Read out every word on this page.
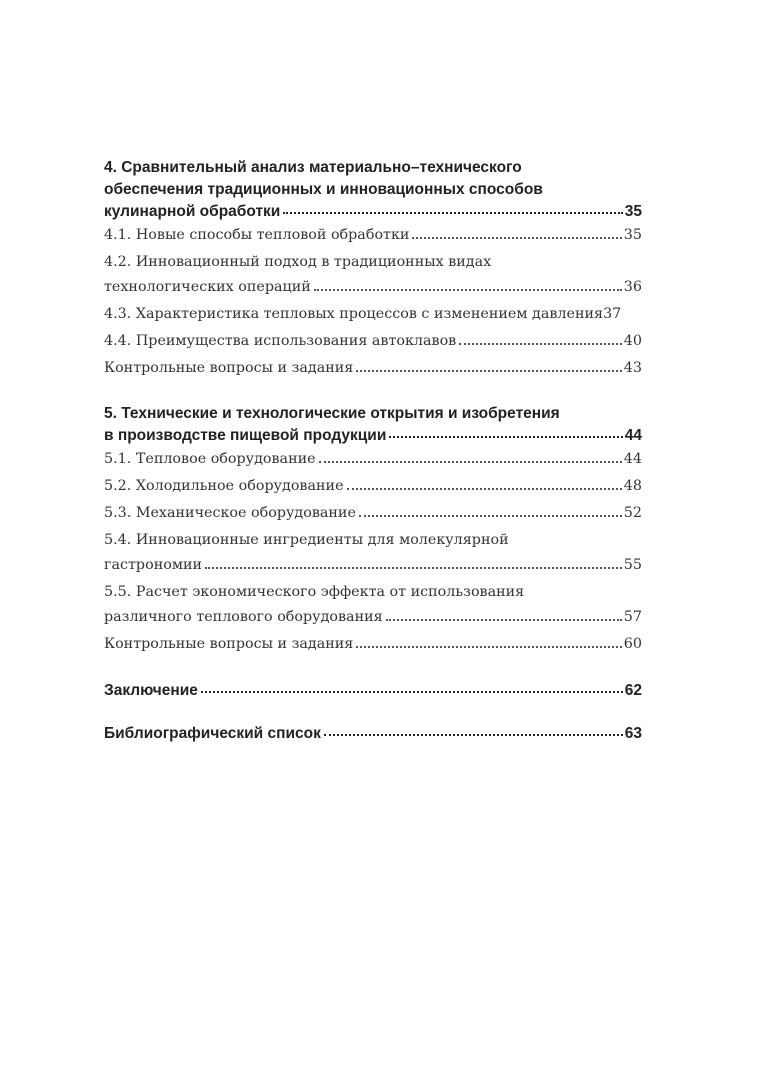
4. Сравнительный анализ материально–технического
обеспечения традиционных и инновационных способов
кулинарной обработки	35
4.1. Новые способы тепловой обработки	35
4.2. Инновационный подход в традиционных видах
технологических операций	36
4.3. Характеристика тепловых процессов с изменением давления 37
4.4. Преимущества использования автоклавов	40
Контрольные вопросы и задания	43
5. Технические и технологические открытия и изобретения
в производстве пищевой продукции	44
5.1. Тепловое оборудование	44
5.2. Холодильное оборудование	48
5.3. Механическое оборудование	52
5.4. Инновационные ингредиенты для молекулярной
гастрономии	55
5.5. Расчет экономического эффекта от использования
различного теплового оборудования	57
Контрольные вопросы и задания	60
Заключение	62
Библиографический список	63
